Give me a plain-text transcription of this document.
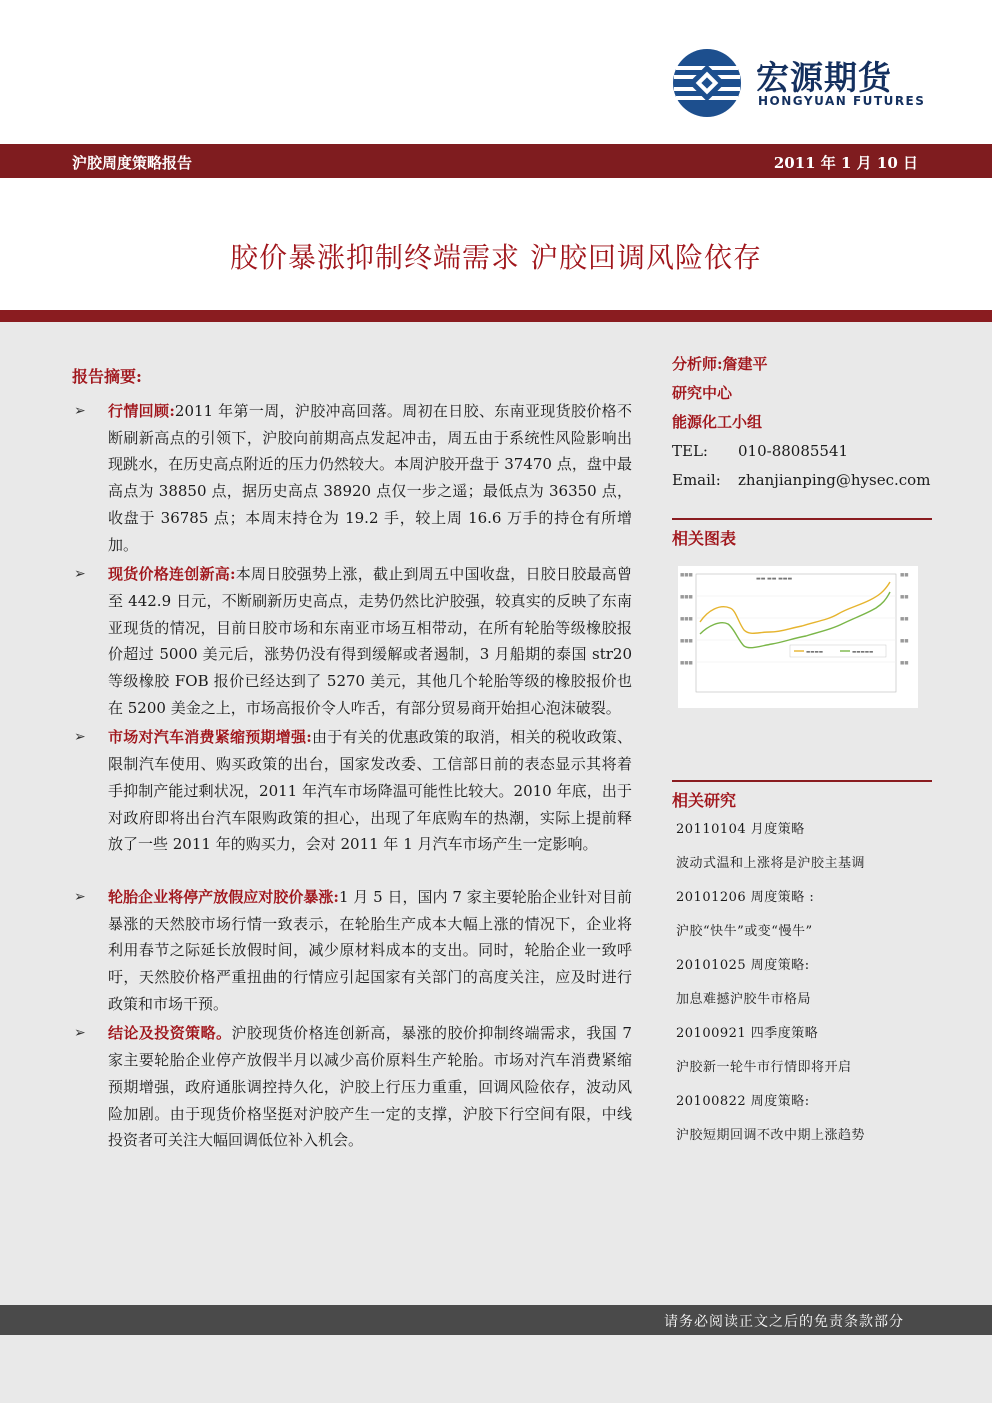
宏源期货
HONGYUAN FUTURES
沪胶周度策略报告	2011 年 1 月 10 日
胶价暴涨抑制终端需求 沪胶回调风险依存
报告摘要:
➢ 行情回顾:2011 年第一周，沪胶冲高回落。周初在日胶、东南亚现货胶价格不断刷新高点的引领下，沪胶向前期高点发起冲击，周五由于系统性风险影响出现跳水，在历史高点附近的压力仍然较大。本周沪胶开盘于 37470 点，盘中最高点为 38850 点，据历史高点 38920 点仅一步之遥；最低点为 36350 点，收盘于 36785 点；本周末持仓为 19.2 手，较上周 16.6 万手的持仓有所增加。
➢ 现货价格连创新高:本周日胶强势上涨，截止到周五中国收盘，日胶日胶最高曾至 442.9 日元，不断刷新历史高点，走势仍然比沪胶强，较真实的反映了东南亚现货的情况，目前日胶市场和东南亚市场互相带动，在所有轮胎等级橡胶报价超过 5000 美元后，涨势仍没有得到缓解或者遏制，3 月船期的泰国 str20 等级橡胶 FOB 报价已经达到了 5270 美元，其他几个轮胎等级的橡胶报价也在 5200 美金之上，市场高报价令人咋舌，有部分贸易商开始担心泡沫破裂。
➢ 市场对汽车消费紧缩预期增强:由于有关的优惠政策的取消，相关的税收政策、限制汽车使用、购买政策的出台，国家发改委、工信部日前的表态显示其将着手抑制产能过剩状况，2011 年汽车市场降温可能性比较大。2010 年底，出于对政府即将出台汽车限购政策的担心，出现了年底购车的热潮，实际上提前释放了一些 2011 年的购买力，会对 2011 年 1 月汽车市场产生一定影响。
➢ 轮胎企业将停产放假应对胶价暴涨:1 月 5 日，国内 7 家主要轮胎企业针对目前暴涨的天然胶市场行情一致表示，在轮胎生产成本大幅上涨的情况下，企业将利用春节之际延长放假时间，减少原材料成本的支出。同时，轮胎企业一致呼吁，天然胶价格严重扭曲的行情应引起国家有关部门的高度关注，应及时进行政策和市场干预。
➢ 结论及投资策略。沪胶现货价格连创新高，暴涨的胶价抑制终端需求，我国 7 家主要轮胎企业停产放假半月以减少高价原料生产轮胎。市场对汽车消费紧缩预期增强，政府通胀调控持久化，沪胶上行压力重重，回调风险依存，波动风险加剧。由于现货价格坚挺对沪胶产生一定的支撑，沪胶下行空间有限，中线投资者可关注大幅回调低位补入机会。
分析师:詹建平
研究中心
能源化工小组
TEL:	010-88085541
Email:	zhanjianping@hysec.com
相关图表
■■■
■■■
■■■
■■■
■■■
■■
■■
■■
■■
■■
▬▬ ▬▬ ▬▬▬
▬▬▬▬	▬▬▬▬▬
相关研究
20110104 月度策略
波动式温和上涨将是沪胶主基调
20101206 周度策略 :
沪胶“快牛”或变“慢牛”
20101025 周度策略:
加息难撼沪胶牛市格局
20100921 四季度策略
沪胶新一轮牛市行情即将开启
20100822 周度策略:
沪胶短期回调不改中期上涨趋势
请务必阅读正文之后的免责条款部分
